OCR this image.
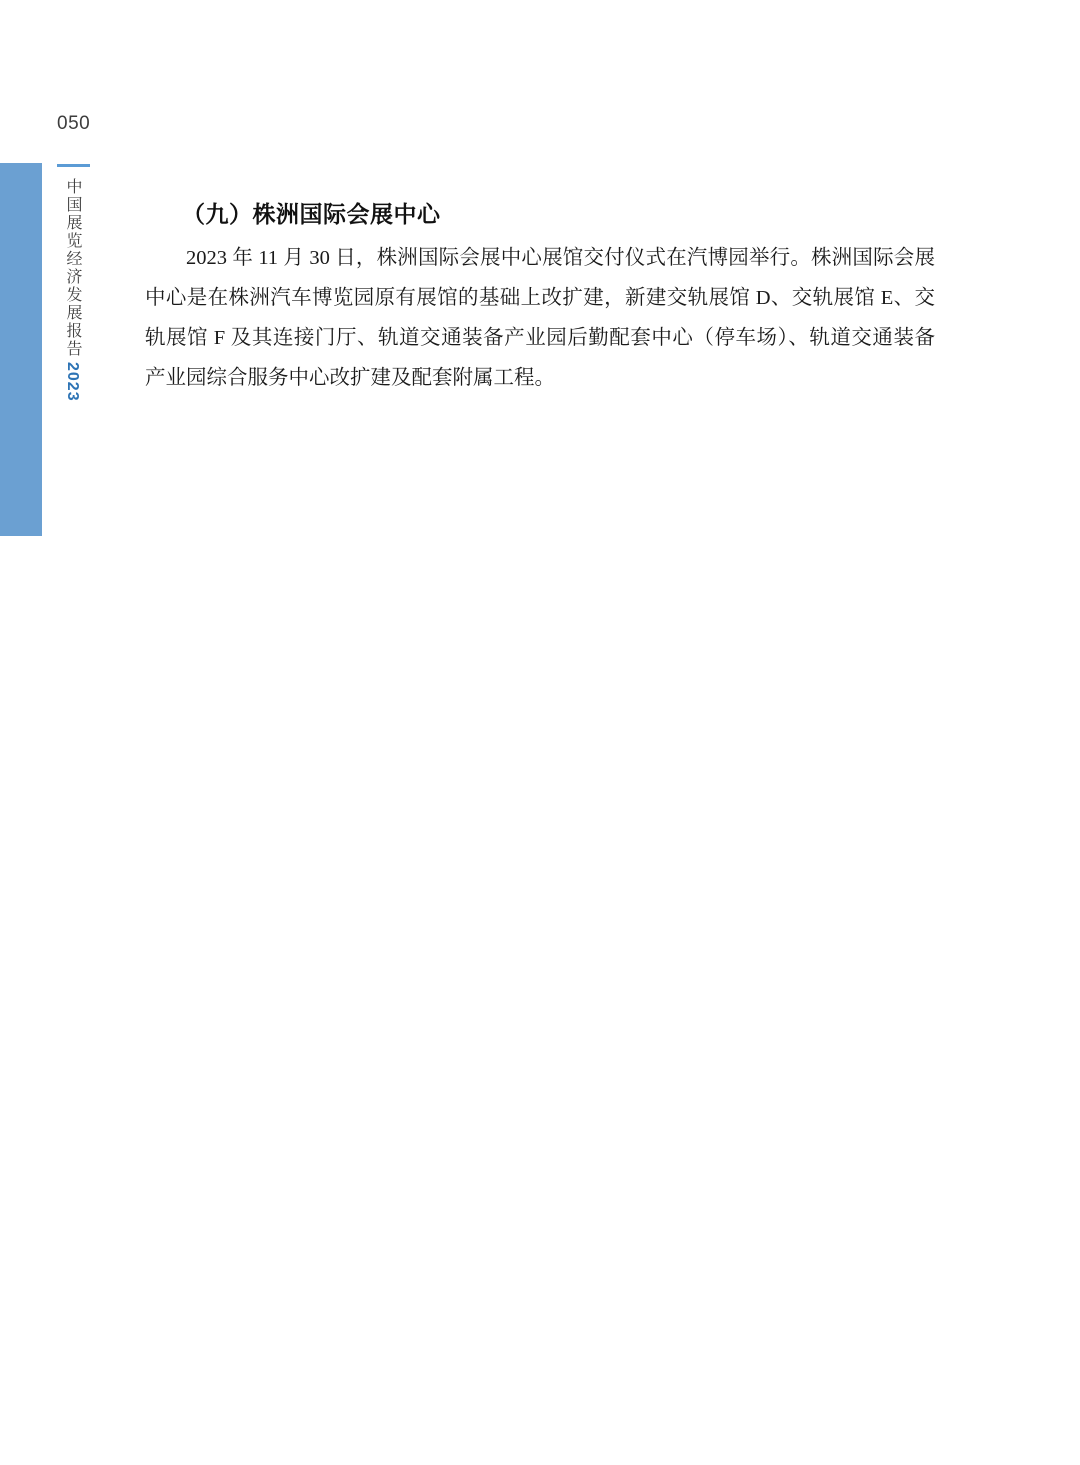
050
中国展览经济发展报告2023
（九）株洲国际会展中心

2023 年 11 月 30 日，株洲国际会展中心展馆交付仪式在汽博园举行。株洲国际会展中心是在株洲汽车博览园原有展馆的基础上改扩建，新建交轨展馆 D、交轨展馆 E、交轨展馆 F 及其连接门厅、轨道交通装备产业园后勤配套中心（停车场）、轨道交通装备产业园综合服务中心改扩建及配套附属工程。
